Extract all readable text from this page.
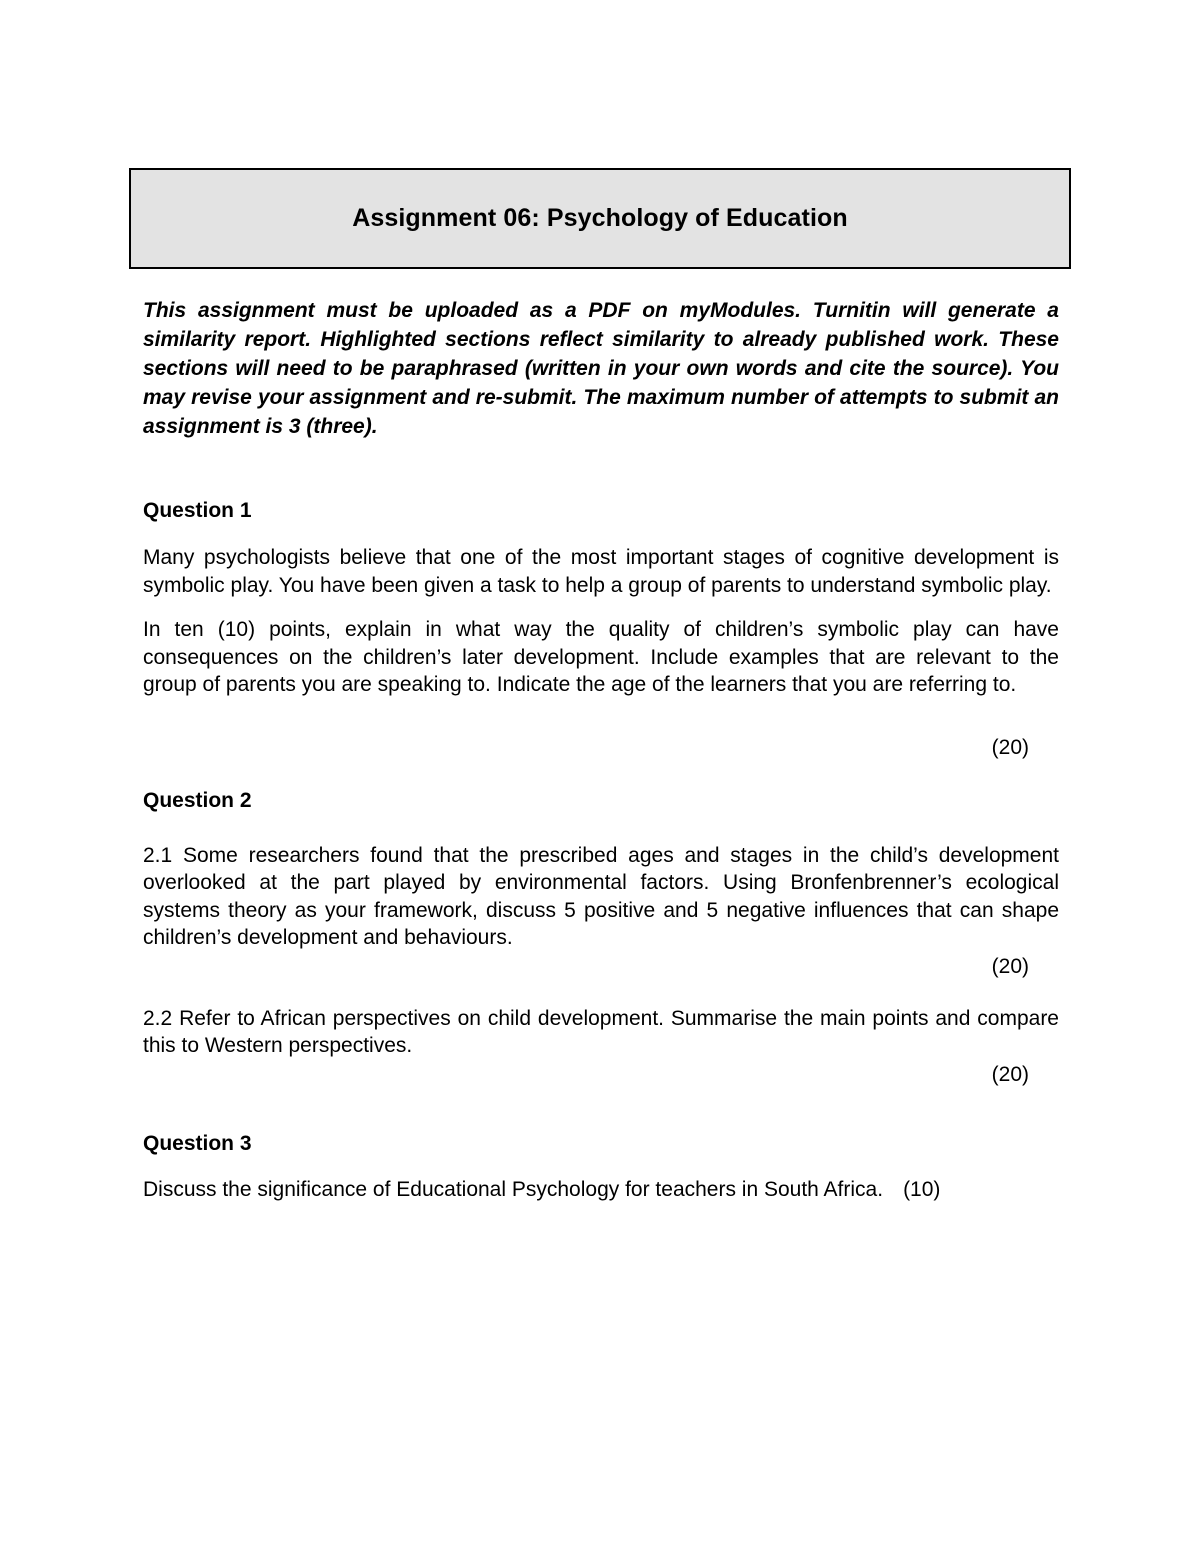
Assignment 06: Psychology of Education

This assignment must be uploaded as a PDF on myModules. Turnitin will generate a similarity report. Highlighted sections reflect similarity to already published work. These sections will need to be paraphrased (written in your own words and cite the source). You may revise your assignment and re-submit. The maximum number of attempts to submit an assignment is 3 (three).

Question 1

Many psychologists believe that one of the most important stages of cognitive development is symbolic play. You have been given a task to help a group of parents to understand symbolic play.

In ten (10) points, explain in what way the quality of children’s symbolic play can have consequences on the children’s later development. Include examples that are relevant to the group of parents you are speaking to. Indicate the age of the learners that you are referring to.

(20)

Question 2

2.1 Some researchers found that the prescribed ages and stages in the child’s development overlooked at the part played by environmental factors. Using Bronfenbrenner’s ecological systems theory as your framework, discuss 5 positive and 5 negative influences that can shape children’s development and behaviours.

(20)

2.2 Refer to African perspectives on child development. Summarise the main points and compare this to Western perspectives.

(20)

Question 3

Discuss the significance of Educational Psychology for teachers in South Africa. (10)
